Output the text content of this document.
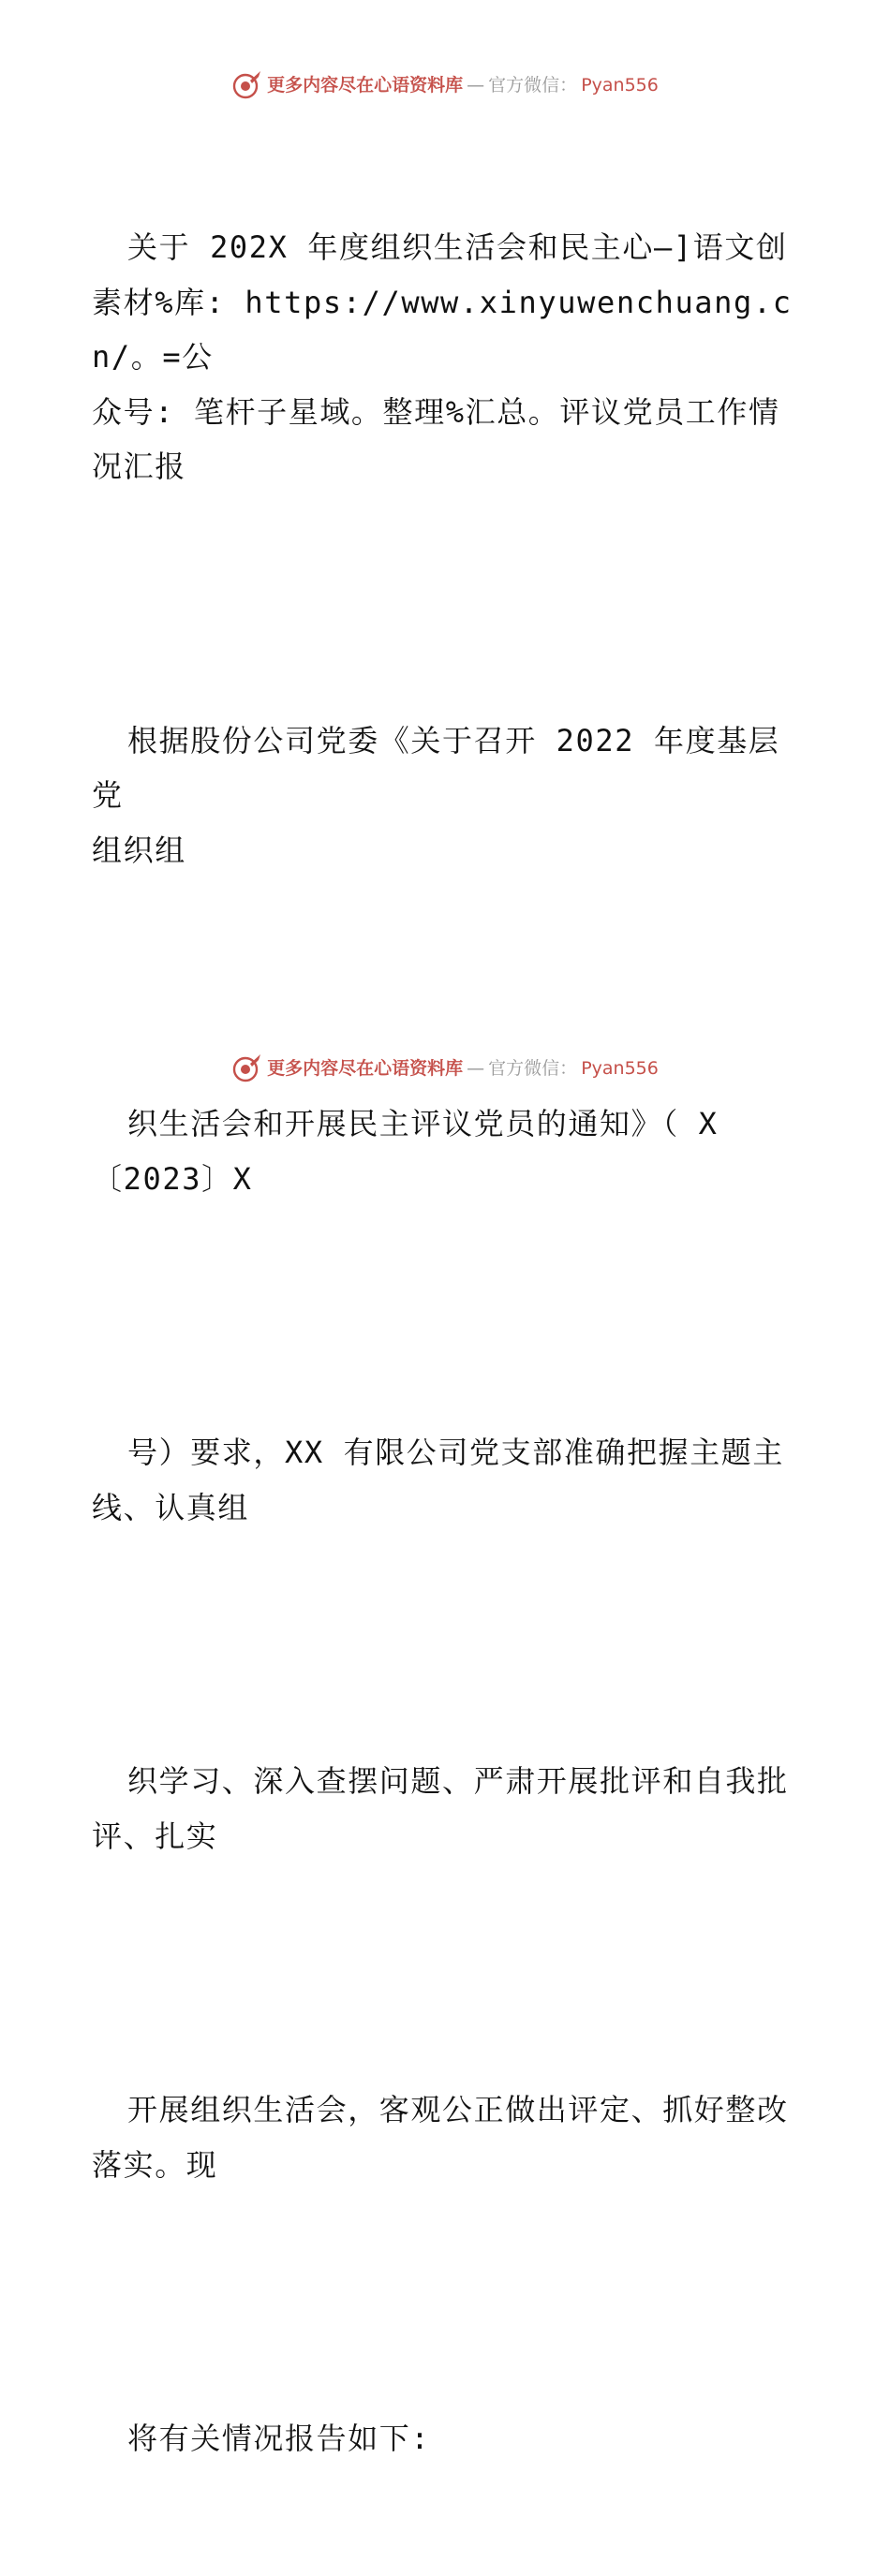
更多内容尽在心语资料库 — 官方微信： Pyan556

关于 202X 年度组织生活会和民主心—]语文创
素材%库: https://www.xinyuwenchuang.cn/。=公
众号: 笔杆子星域。整理%汇总。评议党员工作情
况汇报

根据股份公司党委《关于召开 2022 年度基层党
组织组

织生活会和开展民主评议党员的通知》（ X
〔2023〕X

号）要求，XX 有限公司党支部准确把握主题主
线、认真组

织学习、深入查摆问题、严肃开展批评和自我批
评、扎实

开展组织生活会，客观公正做出评定、抓好整改
落实。现

将有关情况报告如下:

更多内容尽在心语资料库 — 官方微信： Pyan556
